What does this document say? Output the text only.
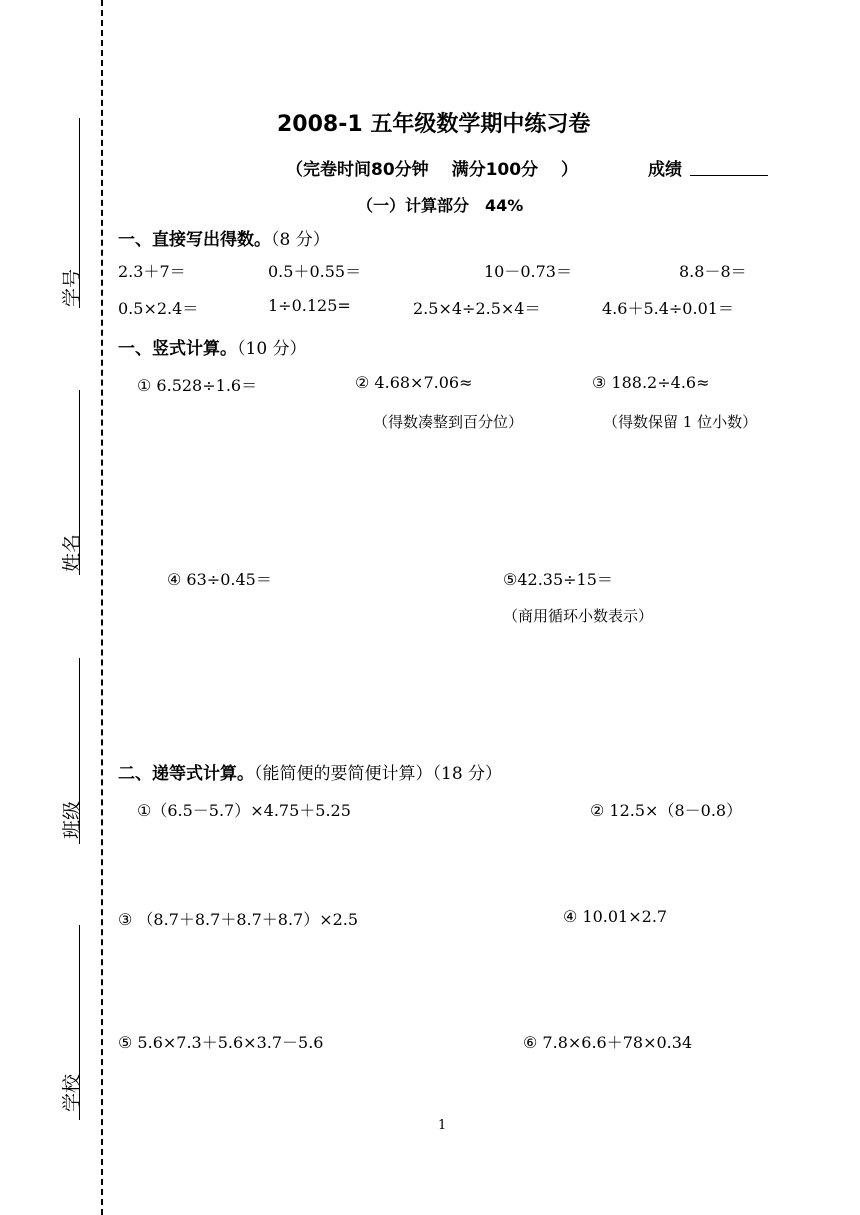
学号
姓名
班级
学校
2008-1 五年级数学期中练习卷
（完卷时间80分钟　 满分100分　 ）	成绩
（一）计算部分　44%
一、直接写出得数。（8 分）
2.3＋7＝	0.5＋0.55＝	10－0.73＝	8.8－8＝
0.5×2.4＝	1÷0.125=	2.5×4÷2.5×4＝	4.6＋5.4÷0.01＝
一、竖式计算。（10 分）
① 6.528÷1.6＝	② 4.68×7.06≈	③ 188.2÷4.6≈
（得数凑整到百分位）	（得数保留 1 位小数）
④ 63÷0.45＝	⑤42.35÷15＝
（商用循环小数表示）
二、递等式计算。（能简便的要简便计算）（18 分）
①（6.5－5.7）×4.75＋5.25	② 12.5×（8－0.8）
③ （8.7＋8.7＋8.7＋8.7）×2.5	④ 10.01×2.7
⑤ 5.6×7.3＋5.6×3.7－5.6	⑥ 7.8×6.6＋78×0.34
1
